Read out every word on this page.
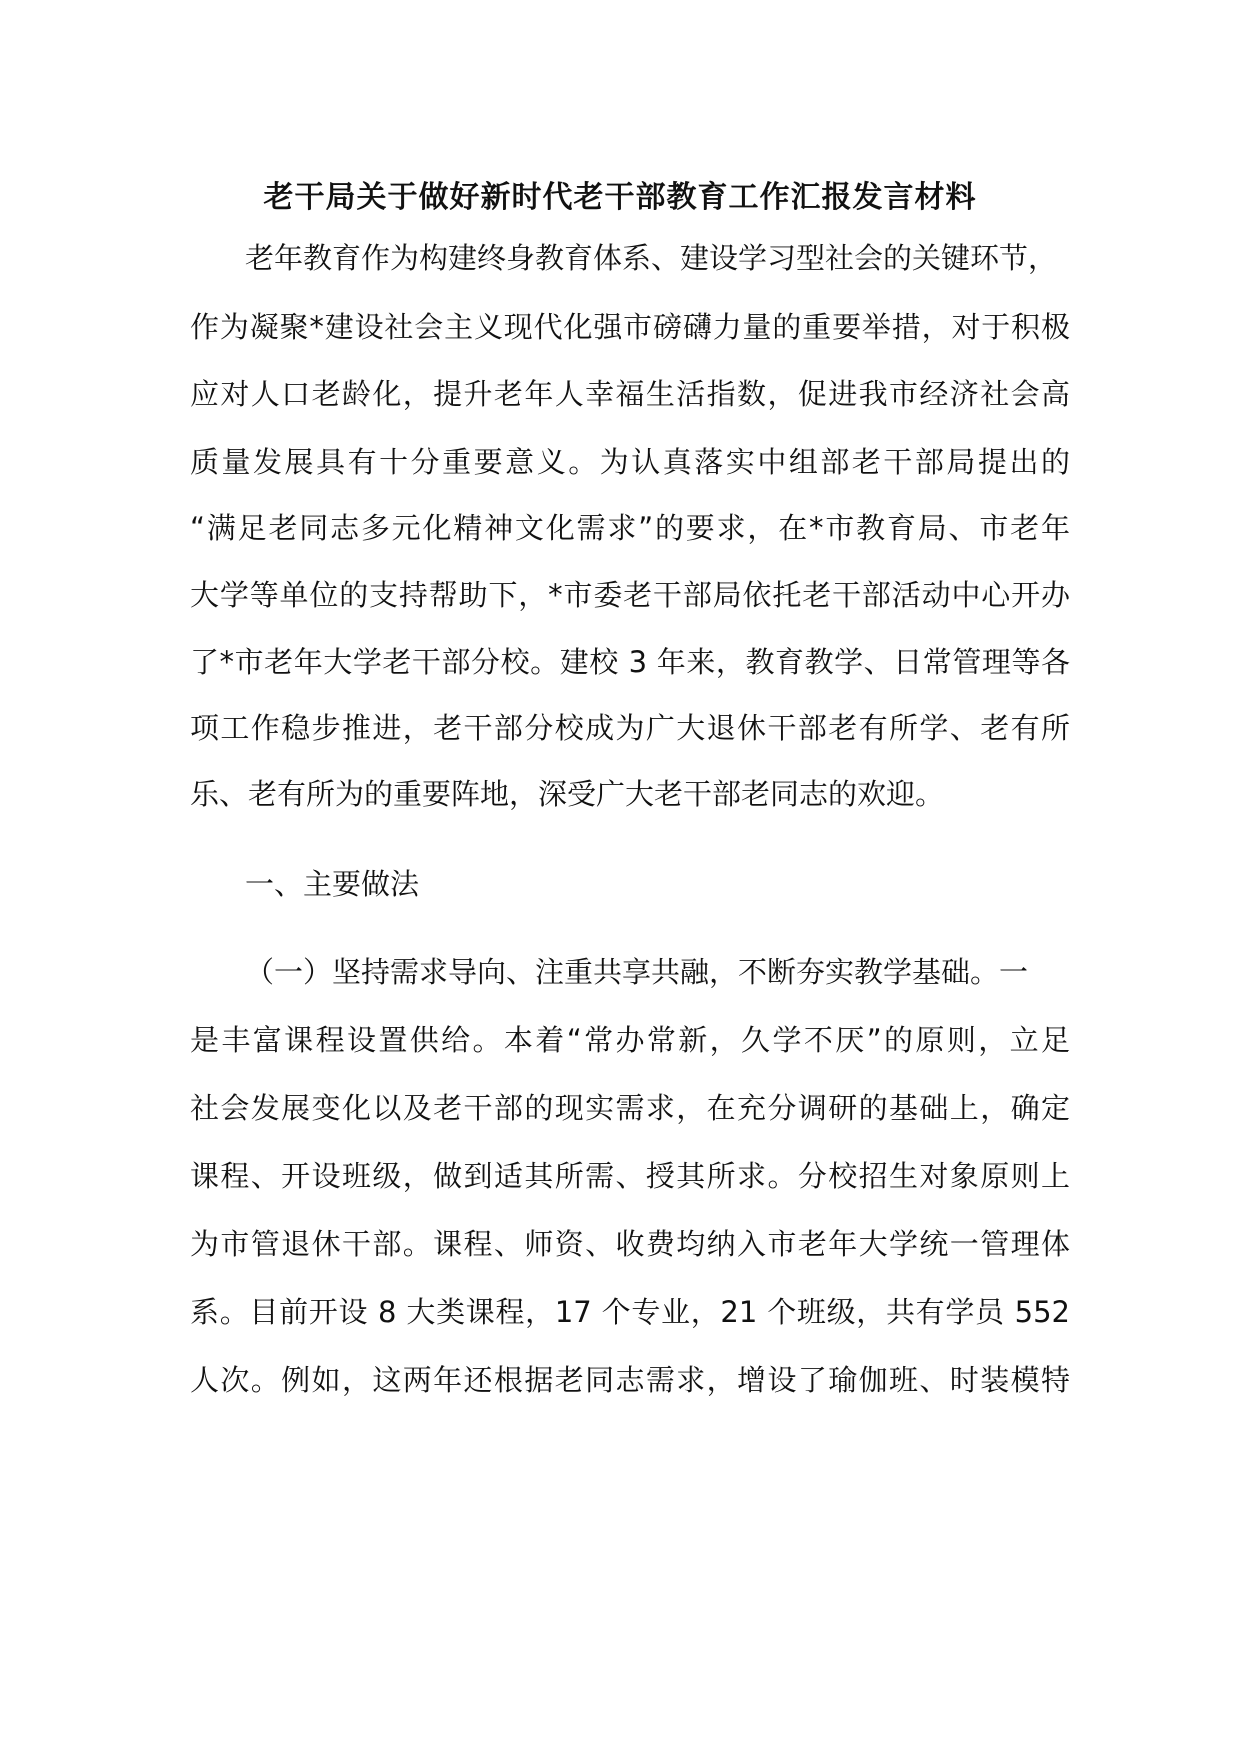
老干局关于做好新时代老干部教育工作汇报发言材料

老年教育作为构建终身教育体系、建设学习型社会的关键环节，

作为凝聚*建设社会主义现代化强市磅礴力量的重要举措，对于积极

应对人口老龄化，提升老年人幸福生活指数，促进我市经济社会高

质量发展具有十分重要意义。为认真落实中组部老干部局提出的

“满足老同志多元化精神文化需求”的要求，在*市教育局、市老年

大学等单位的支持帮助下，*市委老干部局依托老干部活动中心开办

了*市老年大学老干部分校。建校 3 年来，教育教学、日常管理等各

项工作稳步推进，老干部分校成为广大退休干部老有所学、老有所

乐、老有所为的重要阵地，深受广大老干部老同志的欢迎。

一、主要做法

（一）坚持需求导向、注重共享共融，不断夯实教学基础。一

是丰富课程设置供给。本着“常办常新，久学不厌”的原则，立足

社会发展变化以及老干部的现实需求，在充分调研的基础上，确定

课程、开设班级，做到适其所需、授其所求。分校招生对象原则上

为市管退休干部。课程、师资、收费均纳入市老年大学统一管理体

系。目前开设 8 大类课程，17 个专业，21 个班级，共有学员 552

人次。例如，这两年还根据老同志需求，增设了瑜伽班、时装模特
